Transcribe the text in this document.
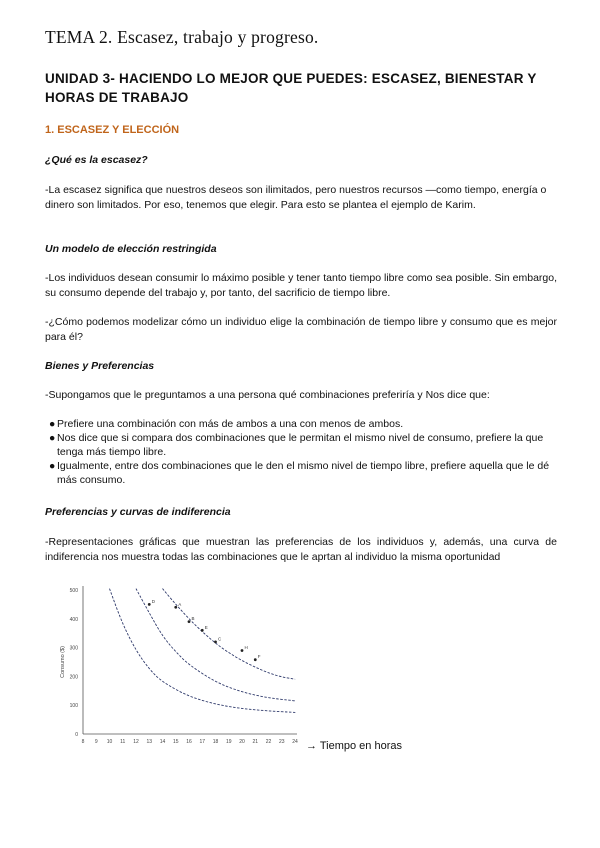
TEMA 2. Escasez, trabajo y progreso.
UNIDAD 3- HACIENDO LO MEJOR QUE PUEDES: ESCASEZ, BIENESTAR Y HORAS DE TRABAJO
1. ESCASEZ Y ELECCIÓN
¿Qué es la escasez?
-La escasez significa que nuestros deseos son ilimitados, pero nuestros recursos —como tiempo, energía o dinero son limitados. Por eso, tenemos que elegir. Para esto se plantea el ejemplo de Karim.
Un modelo de elección restringida
-Los individuos desean consumir lo máximo posible y tener tanto tiempo libre como sea posible. Sin embargo, su consumo depende del trabajo y, por tanto, del sacrificio de tiempo libre.
-¿Cómo podemos modelizar cómo un individuo elige la combinación de tiempo libre y consumo que es mejor para él?
Bienes y Preferencias
-Supongamos que le preguntamos a una persona qué combinaciones preferiría y Nos dice que:
● Prefiere una combinación con más de ambos a una con menos de ambos.
● Nos dice que si compara dos combinaciones que le permitan el mismo nivel de consumo, prefiere la que tenga más tiempo libre.
● Igualmente, entre dos combinaciones que le den el mismo nivel de tiempo libre, prefiere aquella que le dé más consumo.
Preferencias y curvas de indiferencia
-Representaciones gráficas que muestran las preferencias de los individuos y, además, una curva de indiferencia nos muestra todas las combinaciones que le aprtan al individuo la misma oportunidad
0
100
200
300
400
500
8 9 10 11 12 13 14 15 16 17 18 19 20 21 22 23 24
Consumo ($)
D
A
B
E
C
H
F
→ Tiempo en horas
